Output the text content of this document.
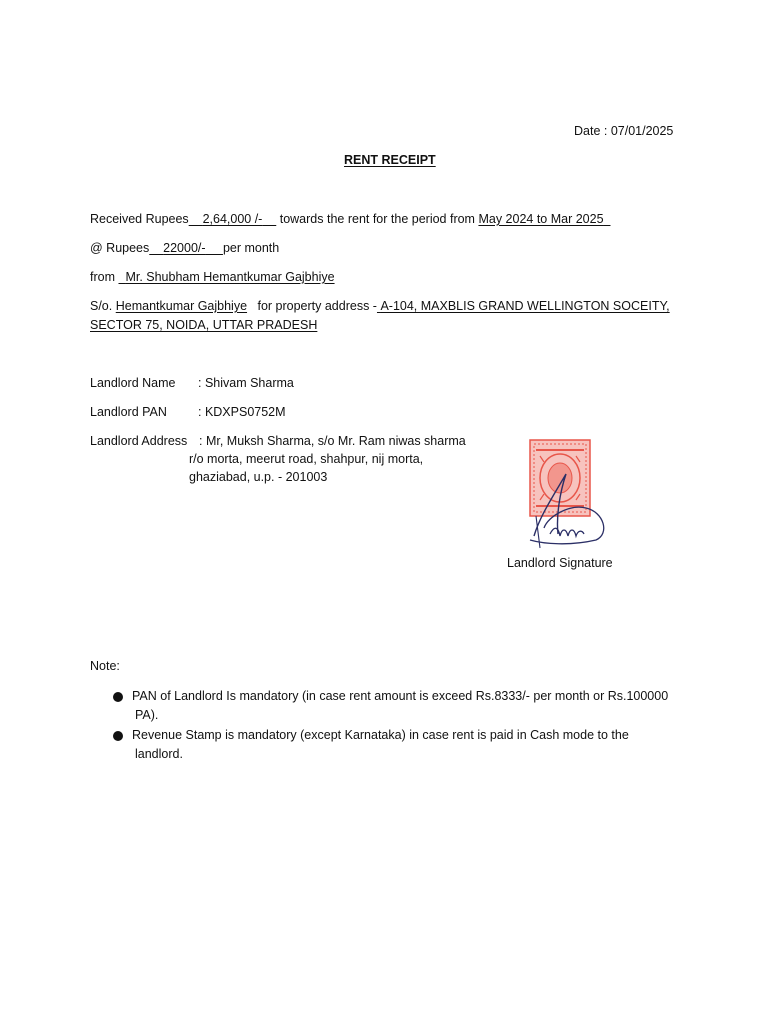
Date : 07/01/2025
RENT RECEIPT
Received Rupees 2,64,000 /- towards the rent for the period from May 2024 to Mar 2025
@ Rupees 22000/- per month
from Mr. Shubham Hemantkumar Gajbhiye
S/o. Hemantkumar Gajbhiye for property address - A-104, MAXBLIS GRAND WELLINGTON SOCEITY,
SECTOR 75, NOIDA, UTTAR PRADESH
Landlord Name : Shivam Sharma
Landlord PAN : KDXPS0752M
Landlord Address : Mr, Muksh Sharma, s/o Mr. Ram niwas sharma
r/o morta, meerut road, shahpur, nij morta,
ghaziabad, u.p. - 201003
Landlord Signature
Note:
PAN of Landlord Is mandatory (in case rent amount is exceed Rs.8333/- per month or Rs.100000
PA).
Revenue Stamp is mandatory (except Karnataka) in case rent is paid in Cash mode to the
landlord.
